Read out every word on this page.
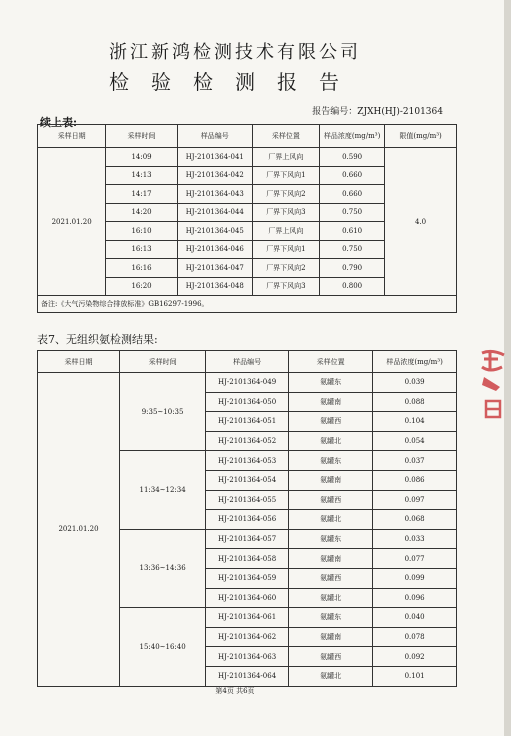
浙江新鸿检测技术有限公司
检验检测报告
报告编号：ZJXH(HJ)-2101364
续上表:
采样日期	采样时间	样品编号	采样位置	样品浓度(mg/m³)	限值(mg/m³)
2021.01.20	14:09	HJ-2101364-041	厂界上风向	0.590	4.0
	14:13	HJ-2101364-042	厂界下风向1	0.660	
	14:17	HJ-2101364-043	厂界下风向2	0.660	
	14:20	HJ-2101364-044	厂界下风向3	0.750	
	16:10	HJ-2101364-045	厂界上风向	0.610	
	16:13	HJ-2101364-046	厂界下风向1	0.750	
	16:16	HJ-2101364-047	厂界下风向2	0.790	
	16:20	HJ-2101364-048	厂界下风向3	0.800	
备注:《大气污染物综合排放标准》GB16297-1996。					
表7、无组织氨检测结果:
采样日期	采样时间	样品编号	采样位置	样品浓度(mg/m³)
2021.01.20	9:35~10:35	HJ-2101364-049	氨罐东	0.039
		HJ-2101364-050	氨罐南	0.088
		HJ-2101364-051	氨罐西	0.104
		HJ-2101364-052	氨罐北	0.054
	11:34~12:34	HJ-2101364-053	氨罐东	0.037
		HJ-2101364-054	氨罐南	0.086
		HJ-2101364-055	氨罐西	0.097
		HJ-2101364-056	氨罐北	0.068
	13:36~14:36	HJ-2101364-057	氨罐东	0.033
		HJ-2101364-058	氨罐南	0.077
		HJ-2101364-059	氨罐西	0.099
		HJ-2101364-060	氨罐北	0.096
	15:40~16:40	HJ-2101364-061	氨罐东	0.040
		HJ-2101364-062	氨罐南	0.078
		HJ-2101364-063	氨罐西	0.092
		HJ-2101364-064	氨罐北	0.101
第4页 共6页
